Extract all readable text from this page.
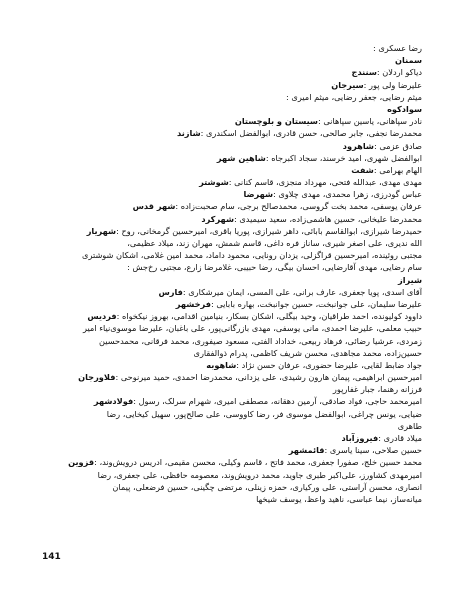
رضا عسکری :
سمنان
دیاکو اردلان :سنندج
علیرضا ولی پور :سیرجان
میثم رضایی، جعفر رضایی، میثم امیری :
سوادکوه
نادر سپاهانی، یاسین سپاهانی :سیستان و بلوچستان
محمدرضا نجفی، جابر صالحی، حسن قادری، ابوالفضل اسکندری :شازند
صادق عزمی :شاهرود
ابوالفضل شهری، امید خرسند، سجاد اکبرجاه :شاهین شهر
الهام بهرامی :شفت
مهدی مهدی، عبدالله فتحی، مهرداد منجزی، قاسم کنانی :شوشتر
عباس گودرزی، زهرا محمدی، مهدی چلاوی :شهرضا
عرفان یوسفی، محمد بخت گروسی، محمدصالح برجی، سام صحبت‌زاده :شهر قدس
محمدرضا علیخانی، حسین هاشمی‌زاده، سعید سیمیدی :شهرکرد
حمیدرضا شیرازی، ابوالقاسم بابائی، داهر شیرازی، پوریا باقری، امیرحسین گرمخانی، روح :شهریار
الله ندیری، علی اصغر شیری، ساناز فره داغی، قاسم شمش، مهران زند، میلاد عظیمی،
مجتبی روئینده، امیرحسین قراگزلی، یزدان رونایی، محمود داماد، محمد امین غلامی، اشکان شوشتری
سام رضایی، مهدی آقارضایی، احسان بیگی، رضا حبیبی، غلامرضا زارع، مجتبی رخ‌جش :
شیراز
آقای اسدی، پویا جعفری، عارف برانی، علی المسی، ایمان میرشکاری :فارس
علیرضا سلیمان، علی جوانبخت، حسین جوانبخت، بهاره بابایی :فرخشهر
داوود کولیونده، احمد طراقیان، وحید بیگلی، اشکان بسکار، بنیامین اقدامی، بهروز نیکخواه :فردیس
حبیب معلمی، علیرضا احمدی، مانی یوسفی، مهدی بازرگانی‌پور، علی باغبان، علیرضا موسوی‌نیاء امیر
زمردی، عرشیا رضائی، فرهاد ربیعی، خداداد الفتی، مسعود صیفوری، محمد فرقانی، محمدحسین
حسین‌زاده، محمد مجاهدی، محسن شریف کاظمی، پدرام ذوالفقاری
جواد ضابط لقایی، علیرضا حضوری، عرفان حسن نژاد :شاهوبه
امیرحسین ابراهیمی، پیمان هارون رشیدی، علی یزدانی، محمدرضا احمدی، حمید میرنوحی :فلاورجان
فرزانه رهنما، جبار غفارپور
امیرمحمد حاجی، فواد صادقی، آرمین دهقانه، مصطفی امیری، شهرام سرلک، رسول :فولادشهر
ضیایی، یونس چراغی، ابوالفضل موسوی فر، رضا کاووسی، علی صالح‌پور، سهیل کیخایی، رضا
طاهری
میلاد قادری :فیروزآباد
حسین صلاحی، سینا یاسری :قائمشهر
محمد حسین خلج، صفورا جعفری، محمد فاتح ، قاسم وکیلی، محسن مقیمی، ادریس درویش‌وند، :قزوین
امیرمهدی کشاورز، علی‌اکبر طبری جاوید، محمد درویش‌وند، معصومه حافظی، علی جعفری، رضا
انصاری، محسن آراستی، علی ورکیاری، حمزه زینلی، مرتضی چگینی، حسین فرضعلی، پیمان
میانه‌ساز، نیما عباسی، ناهید واعظ، یوسف شیخها
141
